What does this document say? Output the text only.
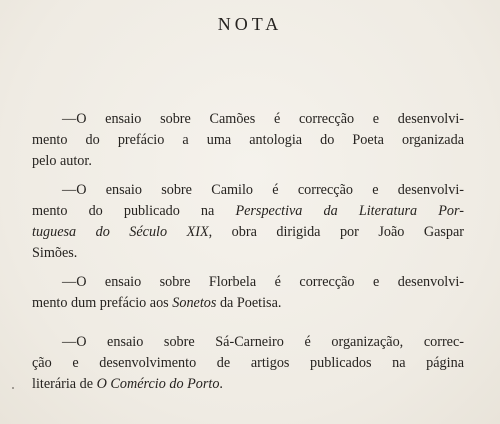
NOTA

—O ensaio sobre Camões é correcção e desenvolvi-
mento do prefácio a uma antologia do Poeta organizada
pelo autor.

—O ensaio sobre Camilo é correcção e desenvolvi-
mento do publicado na Perspectiva da Literatura Por-
tuguesa do Século XIX, obra dirigida por João Gaspar
Simões.

—O ensaio sobre Florbela é correcção e desenvolvi-
mento dum prefácio aos Sonetos da Poetisa.

—O ensaio sobre Sá-Carneiro é organização, correc-
ção e desenvolvimento de artigos publicados na página
literária de O Comércio do Porto.
